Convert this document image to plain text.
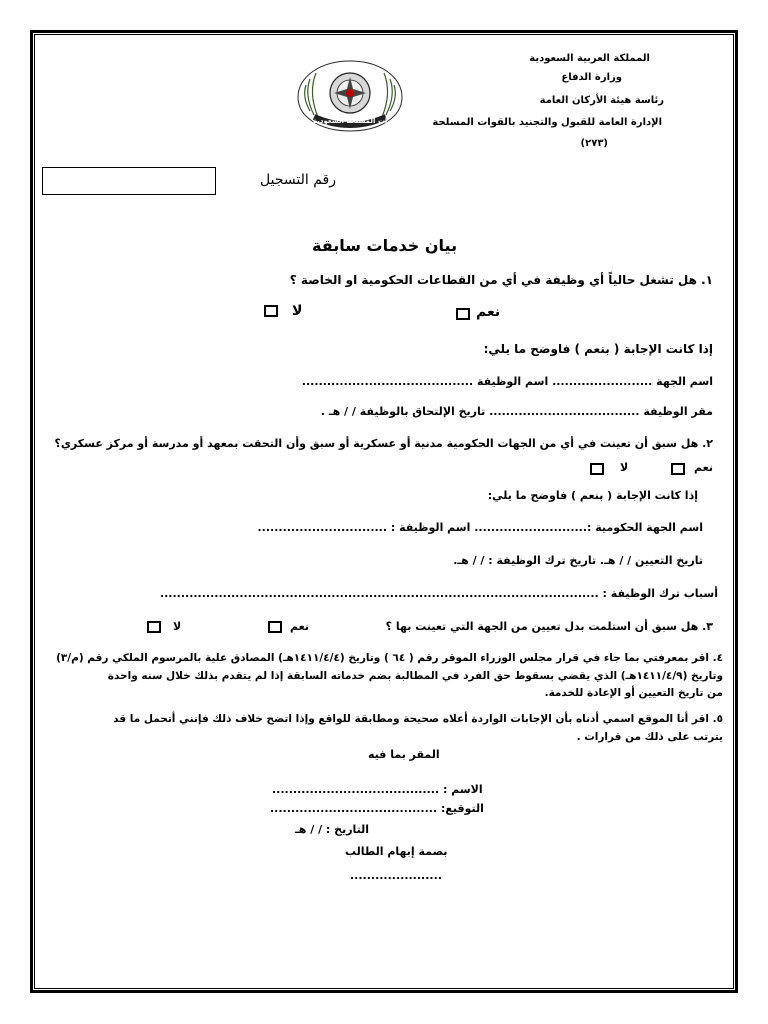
القوات المسلحة السعودية
المملكة العربية السعودية
وزارة الدفاع
رئاسة هيئة الأركان العامة
الإدارة العامة للقبول والتجنيد بالقوات المسلحة
(٢٧٣)
رقم التسجيل
بيان خدمات سابقة
١. هل تشغل حالياً أي وظيفة في أي من القطاعات الحكومية او الخاصة ؟
نعم
لا
إذا كانت الإجابة ( بنعم ) فاوضح ما يلي:
اسم الجهة ........................ اسم الوظيفة .........................................
مقر الوظيفة .................................... تاريخ الإلتحاق بالوظيفة / / هـ .
٢. هل سبق أن تعينت في أي من الجهات الحكومية مدنية أو عسكرية أو سبق وأن التحقت بمعهد أو مدرسة أو مركز عسكري؟
نعم
لا
إذا كانت الإجابة ( بنعم ) فاوضح ما يلي:
اسم الجهة الحكومية :........................... اسم الوظيفة : ...............................
تاريخ التعيين / / هـ. تاريخ ترك الوظيفة : / / هـ.
أسباب ترك الوظيفة : .........................................................................................................
٣. هل سبق أن استلمت بدل تعيين من الجهة التي تعينت بها ؟
نعم
لا
٤. اقر بمعرفتي بما جاء في قرار مجلس الوزراء الموقر رقم ( ٦٤ ) وتاريخ (١٤١١/٤/٤هـ) المصادق علية بالمرسوم الملكي رقم (م/٣)
وتاريخ (١٤١١/٤/٩هـ) الذي يقضي بسقوط حق الفرد في المطالبة بضم خدماته السابقة إذا لم يتقدم بذلك خلال سنه واحدة
من تاريخ التعيين أو الإعادة للخدمة.
٥. اقر أنا الموقع اسمي أدناه بأن الإجابات الواردة أعلاه صحيحة ومطابقة للواقع وإذا اتضح خلاف ذلك فإنني أتحمل ما قد
يترتب على ذلك من قرارات .
المقر بما فيه
الاسم : ........................................
التوقيع: ........................................
التاريخ : / / هـ
بصمة إبهام الطالب
......................
